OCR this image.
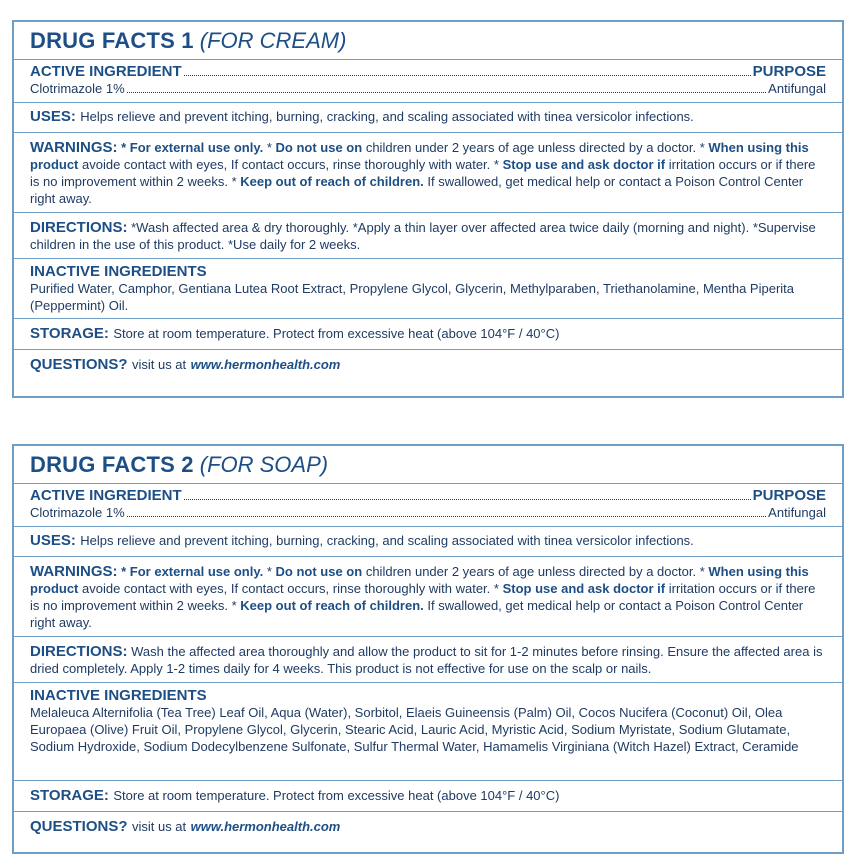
DRUG FACTS 1 (FOR CREAM)
ACTIVE INGREDIENT	PURPOSE
Clotrimazole 1%	Antifungal
USES: Helps relieve and prevent itching, burning, cracking, and scaling associated with tinea versicolor infections.
WARNINGS: * For external use only. * Do not use on children under 2 years of age unless directed by a doctor. * When using this product avoide contact with eyes, If contact occurs, rinse thoroughly with water. * Stop use and ask doctor if irritation occurs or if there is no improvement within 2 weeks. * Keep out of reach of children. If swallowed, get medical help or contact a Poison Control Center right away.
DIRECTIONS: *Wash affected area & dry thoroughly. *Apply a thin layer over affected area twice daily (morning and night). *Supervise children in the use of this product. *Use daily for 2 weeks.
INACTIVE INGREDIENTS
Purified Water, Camphor, Gentiana Lutea Root Extract, Propylene Glycol, Glycerin, Methylparaben, Triethanolamine, Mentha Piperita (Peppermint) Oil.
STORAGE: Store at room temperature. Protect from excessive heat (above 104°F / 40°C)
QUESTIONS? visit us at www.hermonhealth.com
DRUG FACTS 2 (FOR SOAP)
ACTIVE INGREDIENT	PURPOSE
Clotrimazole 1%	Antifungal
USES: Helps relieve and prevent itching, burning, cracking, and scaling associated with tinea versicolor infections.
WARNINGS: * For external use only. * Do not use on children under 2 years of age unless directed by a doctor. * When using this product avoide contact with eyes, If contact occurs, rinse thoroughly with water. * Stop use and ask doctor if irritation occurs or if there is no improvement within 2 weeks. * Keep out of reach of children. If swallowed, get medical help or contact a Poison Control Center right away.
DIRECTIONS: Wash the affected area thoroughly and allow the product to sit for 1-2 minutes before rinsing. Ensure the affected area is dried completely. Apply 1-2 times daily for 4 weeks. This product is not effective for use on the scalp or nails.
INACTIVE INGREDIENTS
Melaleuca Alternifolia (Tea Tree) Leaf Oil, Aqua (Water), Sorbitol, Elaeis Guineensis (Palm) Oil, Cocos Nucifera (Coconut) Oil, Olea Europaea (Olive) Fruit Oil, Propylene Glycol, Glycerin, Stearic Acid, Lauric Acid, Myristic Acid, Sodium Myristate, Sodium Glutamate, Sodium Hydroxide, Sodium Dodecylbenzene Sulfonate, Sulfur Thermal Water, Hamamelis Virginiana (Witch Hazel) Extract, Ceramide
STORAGE: Store at room temperature. Protect from excessive heat (above 104°F / 40°C)
QUESTIONS? visit us at www.hermonhealth.com
